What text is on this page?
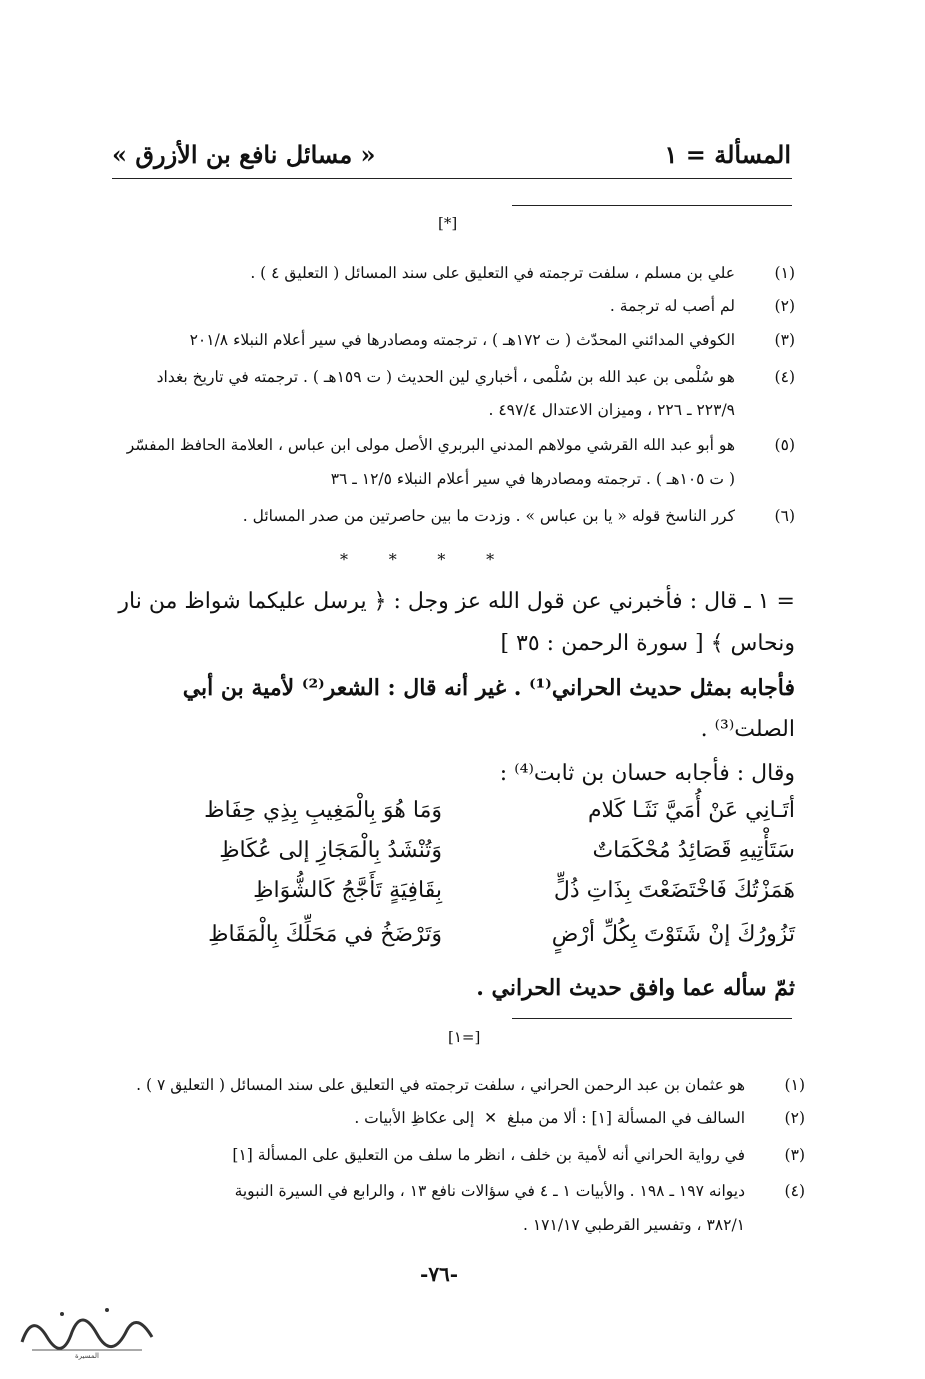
المسألة = ١
« مسائل نافع بن الأزرق »
[*]
(١)
علي بن مسلم ، سلفت ترجمته في التعليق على سند المسائل ( التعليق ٤ ) .
(٢)
لم أصب له ترجمة .
(٣)
الكوفي المدائني المحدّث ( ت ١٧٢هـ ) ، ترجمته ومصادرها في سير أعلام النبلاء ٢٠١/٨
(٤)
هو سُلْمى بن عبد الله بن سُلْمى ، أخباري لين الحديث ( ت ١٥٩هـ ) . ترجمته في تاريخ بغداد
٢٢٣/٩ ـ ٢٢٦ ، وميزان الاعتدال ٤٩٧/٤ .
(٥)
هو أبو عبد الله القرشي مولاهم المدني البربري الأصل مولى ابن عباس ، العلامة الحافظ المفسّر
( ت ١٠٥هـ ) . ترجمته ومصادرها في سير أعلام النبلاء ١٢/٥ ـ ٣٦
(٦)
كرر الناسخ قوله « يا بن عباس » . وزدت ما بين حاصرتين من صدر المسائل .
*        *        *        *
= ١ ـ قال : فأخبرني عن قول الله عز وجل : ﴿ يرسل عليكما شواظ من نار
ونحاس ﴾ [ سورة الرحمن : ٣٥ ]
فأجابه بمثل حديث الحراني⁽¹⁾ . غير أنه قال : الشعر⁽²⁾ لأمية بن أبي
الصلت⁽³⁾ .
وقال : فأجابه حسان بن ثابت⁽⁴⁾ :
أتَـانِي عَنْ أُمَيَّ نَثَـا كَلام
وَمَا هُوَ بِالْمَغِيبِ بِذِي حِفَاظ
سَتَأْتِيهِ قَصَائِدُ مُحْكَمَاتٌ
وَتُنْشَدُ بِالْمَجَازِ إلى عُكَاظِ
هَمَزْتُكَ فَاخْتَضَعْتَ بِذَاتِ ذُلٍّ
بِقَافِيَةٍ تَأَجَّجُ كَالشُّوَاظِ
تَزُورُكَ إنْ شَتَوْتَ بِكُلِّ أرْضٍ
وَتَرْضَخُ في مَحَلِّكَ بِالْمَقَاظِ
ثمّ سأله عما وافق حديث الحراني .
[١=]
(١)
هو عثمان بن عبد الرحمن الحراني ، سلفت ترجمته في التعليق على سند المسائل ( التعليق ٧ ) .
(٢)
السالف في المسألة [١] : ألا من مبلغ  ✕  إلى عكاظِ الأبيات .
(٣)
في رواية الحراني أنه لأمية بن خلف ، انظر ما سلف من التعليق على المسألة [١]
(٤)
ديوانه ١٩٧ ـ ١٩٨ . والأبيات ١ ـ ٤ في سؤالات نافع ١٣ ، والرابع في السيرة النبوية
٣٨٢/١ ، وتفسير القرطبي ١٧١/١٧ .
-٧٦-
المسيرة
